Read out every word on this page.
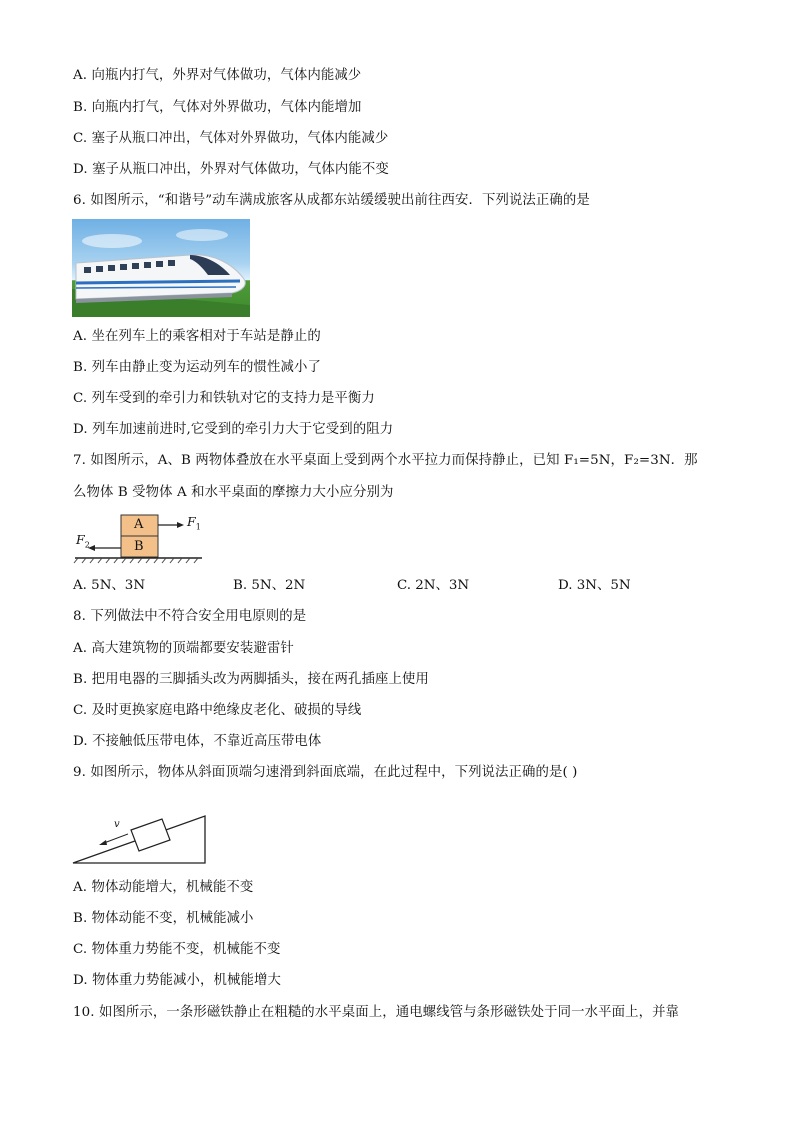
A. 向瓶内打气，外界对气体做功，气体内能减少
B. 向瓶内打气，气体对外界做功，气体内能增加
C. 塞子从瓶口冲出，气体对外界做功，气体内能减少
D. 塞子从瓶口冲出，外界对气体做功，气体内能不变
6. 如图所示，“和谐号”动车满成旅客从成都东站缓缓驶出前往西安．下列说法正确的是
A. 坐在列车上的乘客相对于车站是静止的
B. 列车由静止变为运动列车的惯性减小了
C. 列车受到的牵引力和铁轨对它的支持力是平衡力
D. 列车加速前进时,它受到的牵引力大于它受到的阻力
7. 如图所示，A、B 两物体叠放在水平桌面上受到两个水平拉力而保持静止，已知 F₁=5N，F₂=3N．那
么物体 B 受物体 A 和水平桌面的摩擦力大小应分别为
A
B
$F_1$
$F_2$
A. 5N、3N	B. 5N、2N	C. 2N、3N	D. 3N、5N
8. 下列做法中不符合安全用电原则的是
A. 高大建筑物的顶端都要安装避雷针
B. 把用电器的三脚插头改为两脚插头，接在两孔插座上使用
C. 及时更换家庭电路中绝缘皮老化、破损的导线
D. 不接触低压带电体，不靠近高压带电体
9. 如图所示，物体从斜面顶端匀速滑到斜面底端，在此过程中，下列说法正确的是( )
v
A. 物体动能增大，机械能不变
B. 物体动能不变，机械能减小
C. 物体重力势能不变，机械能不变
D. 物体重力势能减小，机械能增大
10. 如图所示，一条形磁铁静止在粗糙的水平桌面上，通电螺线管与条形磁铁处于同一水平面上，并靠
